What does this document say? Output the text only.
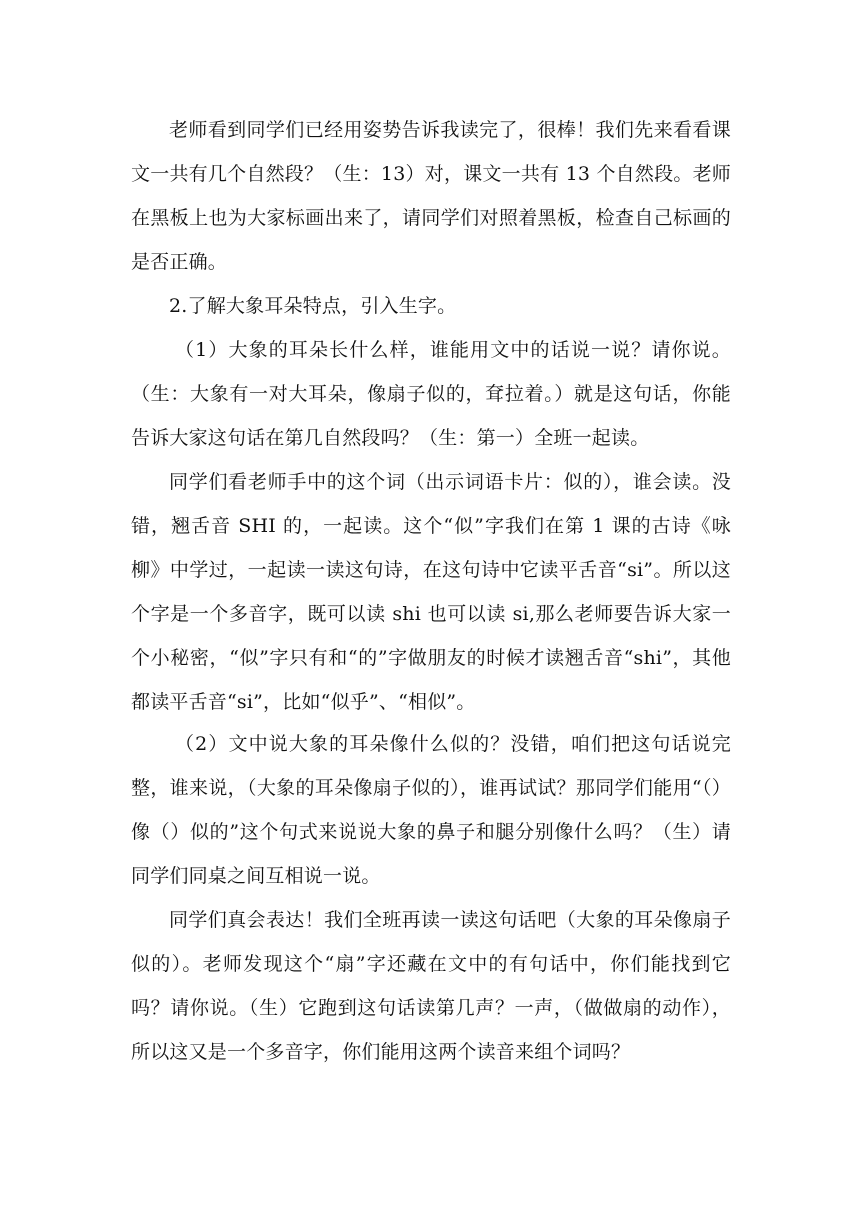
老师看到同学们已经用姿势告诉我读完了，很棒！我们先来看看课文一共有几个自然段？（生：13）对，课文一共有 13 个自然段。老师在黑板上也为大家标画出来了，请同学们对照着黑板，检查自己标画的是否正确。

2.了解大象耳朵特点，引入生字。

（1）大象的耳朵长什么样，谁能用文中的话说一说？请你说。（生：大象有一对大耳朵，像扇子似的，耷拉着。）就是这句话，你能告诉大家这句话在第几自然段吗？（生：第一）全班一起读。

同学们看老师手中的这个词（出示词语卡片：似的），谁会读。没错，翘舌音 SHI 的，一起读。这个“似”字我们在第 1 课的古诗《咏柳》中学过，一起读一读这句诗，在这句诗中它读平舌音“si”。所以这个字是一个多音字，既可以读 shi 也可以读 si,那么老师要告诉大家一个小秘密，“似”字只有和“的”字做朋友的时候才读翘舌音“shi”，其他都读平舌音“si”，比如“似乎”、“相似”。

（2）文中说大象的耳朵像什么似的？没错，咱们把这句话说完整，谁来说，（大象的耳朵像扇子似的），谁再试试？那同学们能用“（）像（）似的”这个句式来说说大象的鼻子和腿分别像什么吗？（生）请同学们同桌之间互相说一说。

同学们真会表达！我们全班再读一读这句话吧（大象的耳朵像扇子似的）。老师发现这个“扇”字还藏在文中的有句话中，你们能找到它吗？请你说。（生）它跑到这句话读第几声？一声，（做做扇的动作），所以这又是一个多音字，你们能用这两个读音来组个词吗？
